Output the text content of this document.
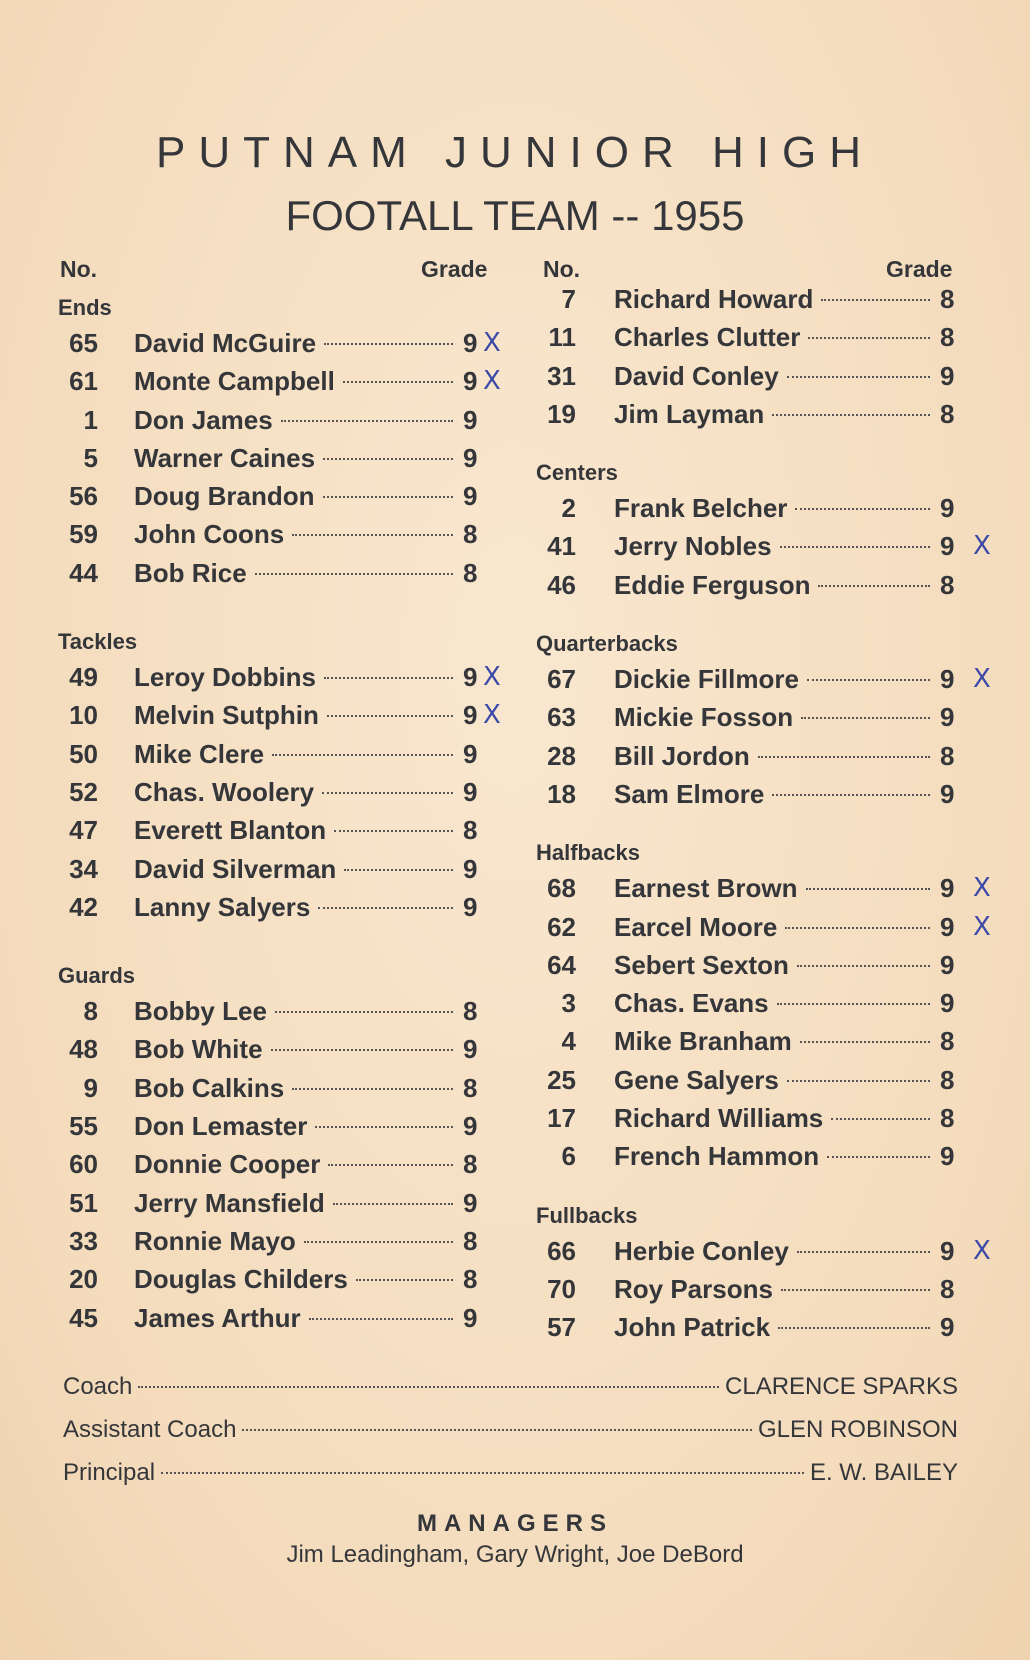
PUTNAM JUNIOR HIGH
FOOTALL TEAM -- 1955
No.	Grade No.	Grade
Ends
65 David McGuire	9 X
61 Monte Campbell	9 X
1 Don James	9
5 Warner Caines	9
56 Doug Brandon	9
59 John Coons	8
44 Bob Rice	8
Tackles
49 Leroy Dobbins	9 X
10 Melvin Sutphin	9 X
50 Mike Clere	9
52 Chas. Woolery	9
47 Everett Blanton	8
34 David Silverman	9
42 Lanny Salyers	9
Guards
8 Bobby Lee	8
48 Bob White	9
9 Bob Calkins	8
55 Don Lemaster	9
60 Donnie Cooper	8
51 Jerry Mansfield	9
33 Ronnie Mayo	8
20 Douglas Childers	8
45 James Arthur	9
7 Richard Howard	8
11 Charles Clutter	8
31 David Conley	9
19 Jim Layman	8
Centers
2 Frank Belcher	9
41 Jerry Nobles	9 X
46 Eddie Ferguson	8
Quarterbacks
67 Dickie Fillmore	9 X
63 Mickie Fosson	9
28 Bill Jordon	8
18 Sam Elmore	9
Halfbacks
68 Earnest Brown	9 X
62 Earcel Moore	9 X
64 Sebert Sexton	9
3 Chas. Evans	9
4 Mike Branham	8
25 Gene Salyers	8
17 Richard Williams	8
6 French Hammon	9
Fullbacks
66 Herbie Conley	9 X
70 Roy Parsons	8
57 John Patrick	9
Coach	CLARENCE SPARKS
Assistant Coach	GLEN ROBINSON
Principal	E. W. BAILEY
MANAGERS
Jim Leadingham, Gary Wright, Joe DeBord
